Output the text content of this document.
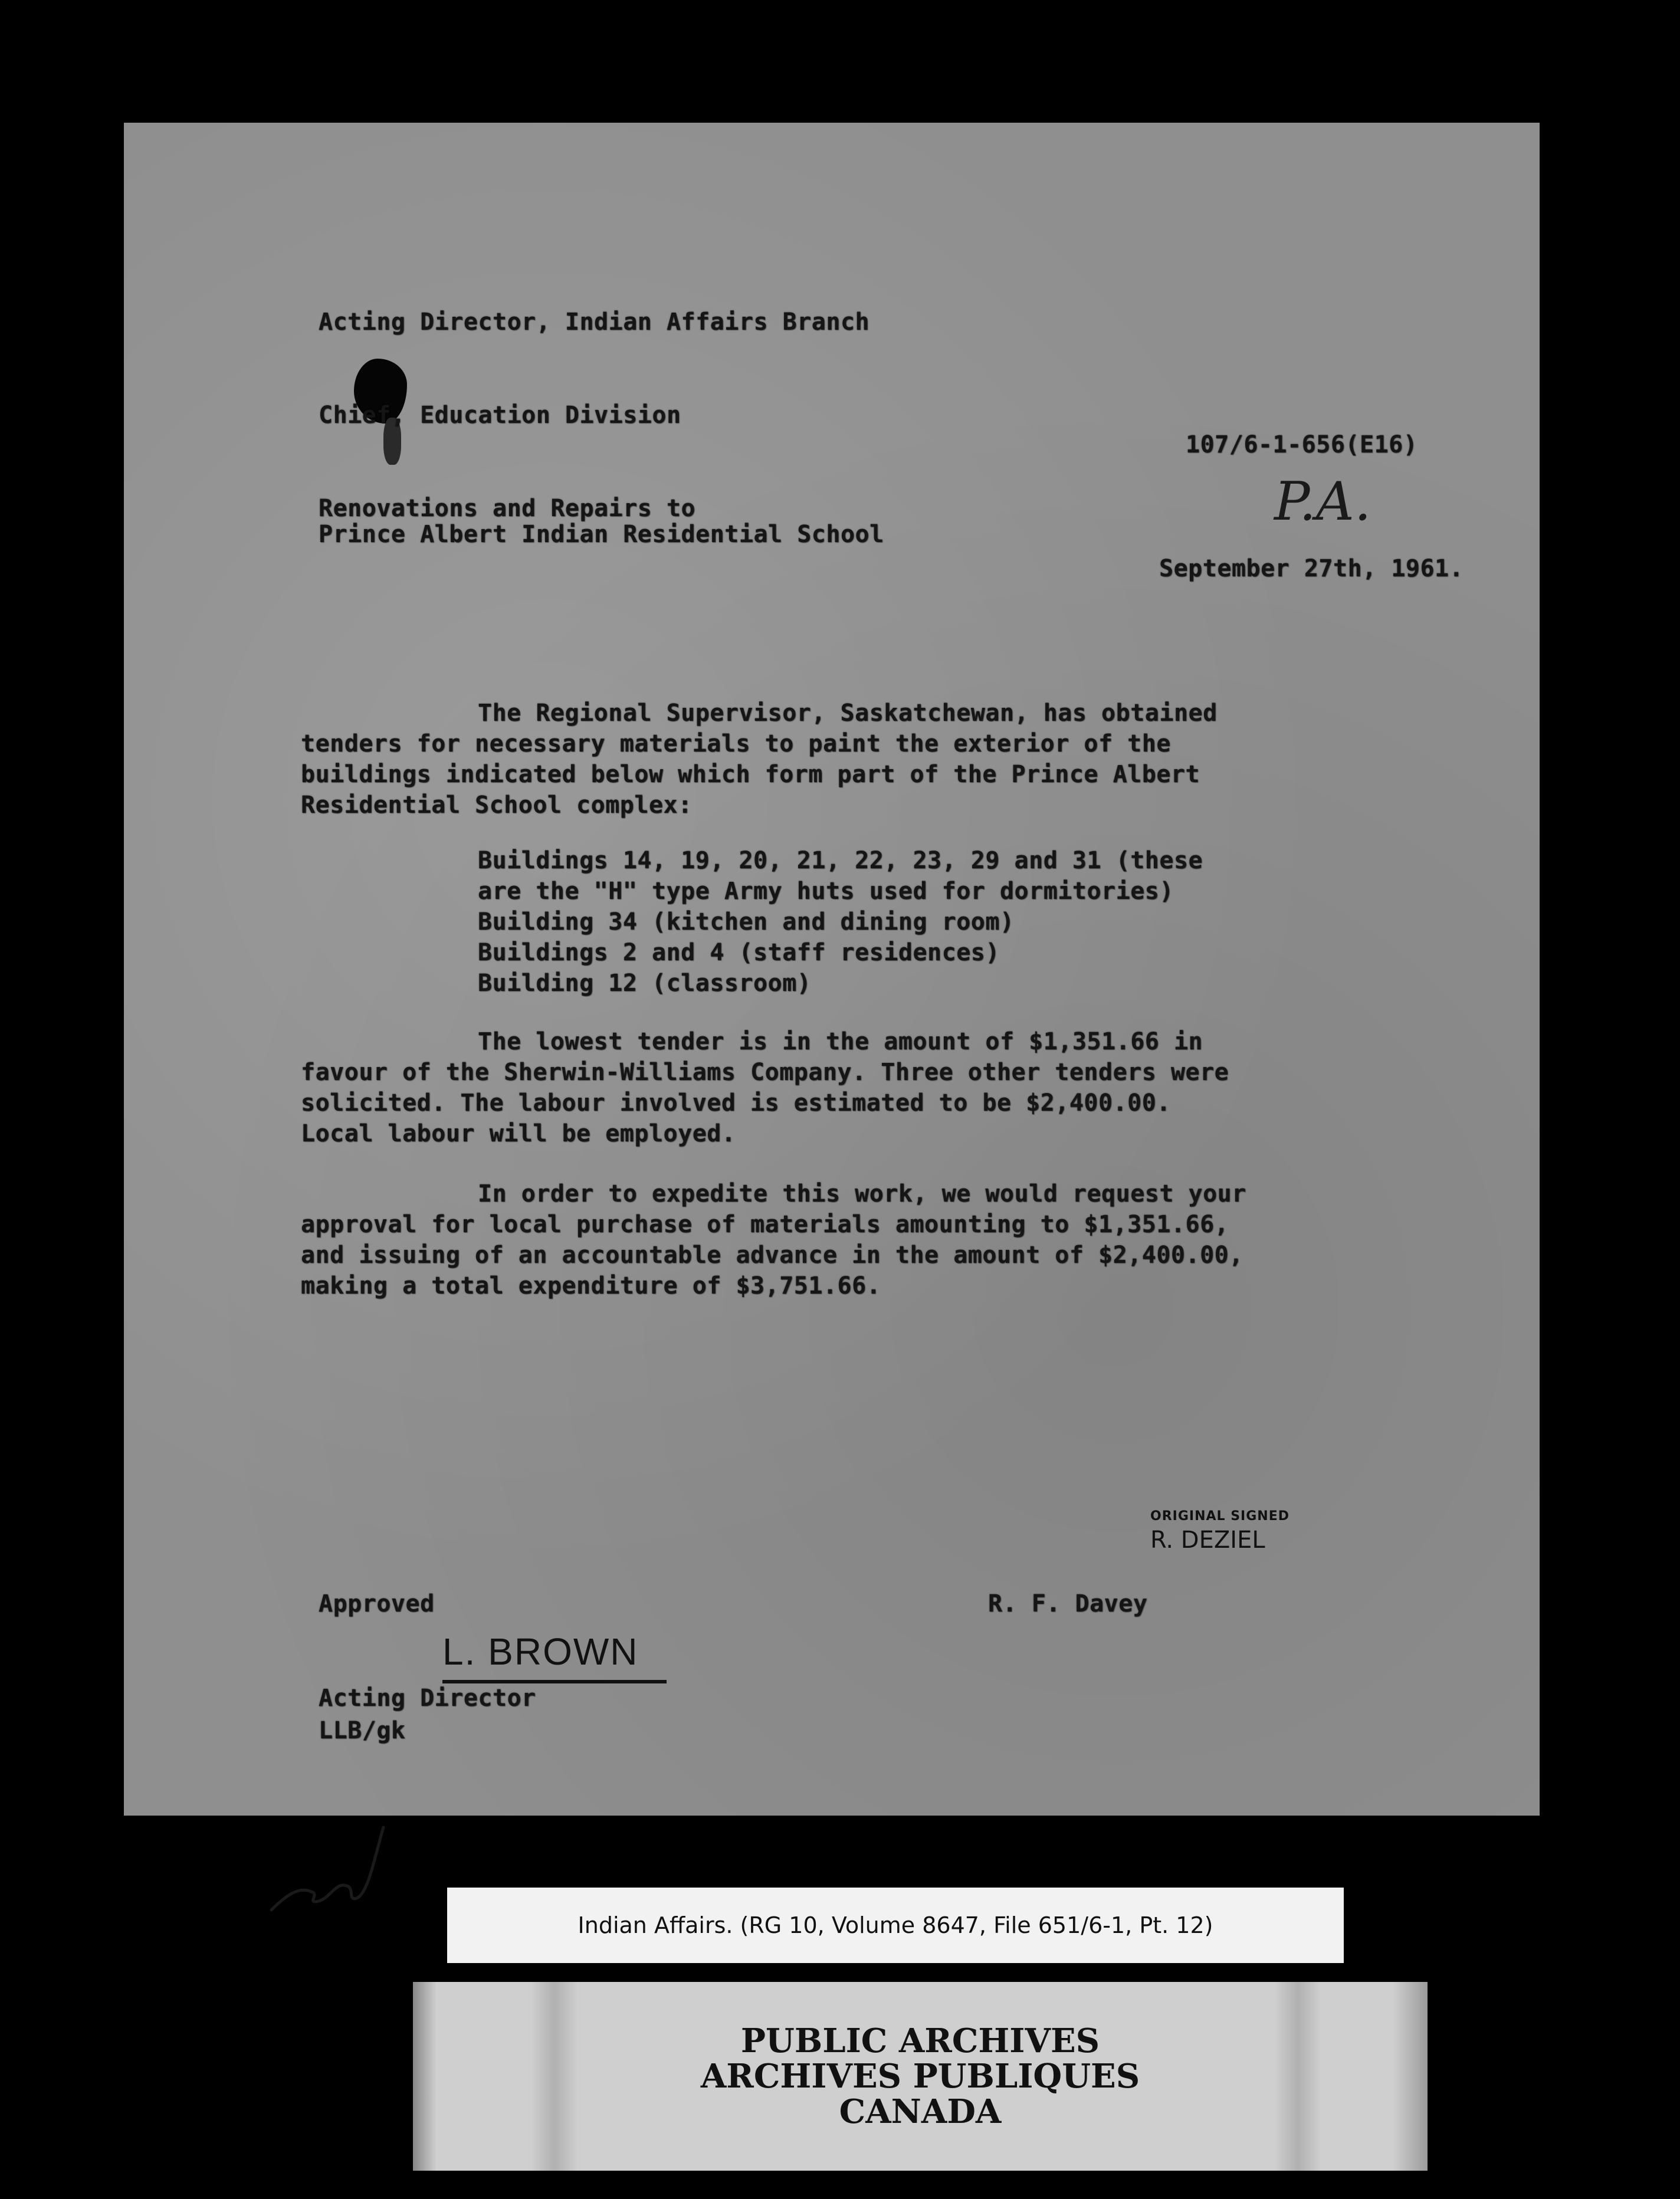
Acting Director, Indian Affairs Branch
Chief, Education Division
P.A.
107/6-1-656(E16)
Renovations and Repairs to
Prince Albert Indian Residential School
September 27th, 1961.
The Regional Supervisor, Saskatchewan, has obtained
tenders for necessary materials to paint the exterior of the
buildings indicated below which form part of the Prince Albert
Residential School complex:
Buildings 14, 19, 20, 21, 22, 23, 29 and 31 (these
are the "H" type Army huts used for dormitories)
Building 34 (kitchen and dining room)
Buildings 2 and 4 (staff residences)
Building 12 (classroom)
The lowest tender is in the amount of $1,351.66 in
favour of the Sherwin-Williams Company. Three other tenders were
solicited. The labour involved is estimated to be $2,400.00.
Local labour will be employed.
In order to expedite this work, we would request your
approval for local purchase of materials amounting to $1,351.66,
and issuing of an accountable advance in the amount of $2,400.00,
making a total expenditure of $3,751.66.
ORIGINAL SIGNED
R. DEZIEL
R. F. Davey
Approved
L. BROWN
Acting Director
LLB/gk
Indian Affairs. (RG 10, Volume 8647, File 651/6-1, Pt. 12)
PUBLIC ARCHIVES
ARCHIVES PUBLIQUES
CANADA
